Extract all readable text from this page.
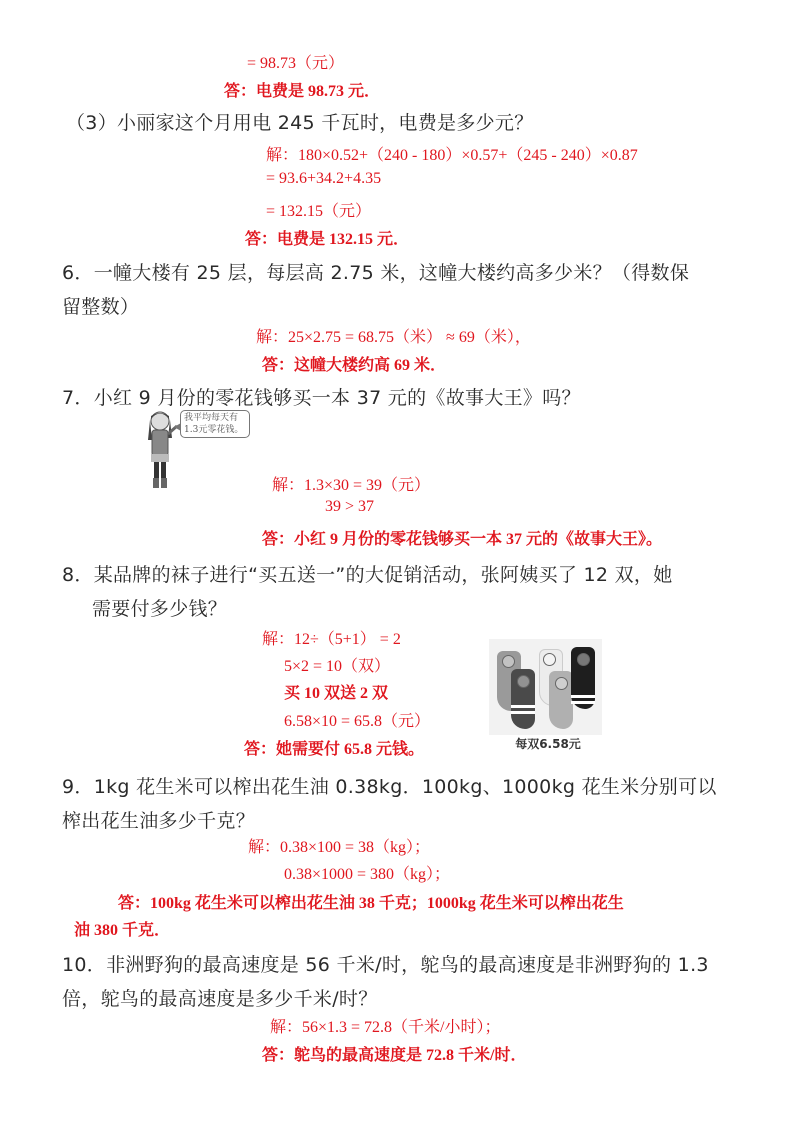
= 98.73（元）
答：电费是 98.73 元．
（3）小丽家这个月用电 245 千瓦时，电费是多少元？
解：180×0.52+（240 - 180）×0.57+（245 - 240）×0.87
= 93.6+34.2+4.35
= 132.15（元）
答：电费是 132.15 元．
6．一幢大楼有 25 层，每层高 2.75 米，这幢大楼约高多少米？（得数保
留整数）
解：25×2.75 = 68.75（米） ≈ 69（米），
答：这幢大楼约高 69 米．
7．小红 9 月份的零花钱够买一本 37 元的《故事大王》吗？
我平均每天有
1.3元零花钱。
解：1.3×30 = 39（元）
39 > 37
答：小红 9 月份的零花钱够买一本 37 元的《故事大王》。
8．某品牌的袜子进行“买五送一”的大促销活动，张阿姨买了 12 双，她
需要付多少钱？
解：12÷（5+1） = 2
5×2 = 10（双）
买 10 双送 2 双
6.58×10 = 65.8（元）
答：她需要付 65.8 元钱。	每双6.58元
9．1kg 花生米可以榨出花生油 0.38kg．100kg、1000kg 花生米分别可以
榨出花生油多少千克？
解：0.38×100 = 38（kg）；
0.38×1000 = 380（kg）；
答：100kg 花生米可以榨出花生油 38 千克；1000kg 花生米可以榨出花生
油 380 千克．
10．非洲野狗的最高速度是 56 千米/时，鸵鸟的最高速度是非洲野狗的 1.3
倍，鸵鸟的最高速度是多少千米/时？
解：56×1.3 = 72.8（千米/小时）；
答：鸵鸟的最高速度是 72.8 千米/时．
